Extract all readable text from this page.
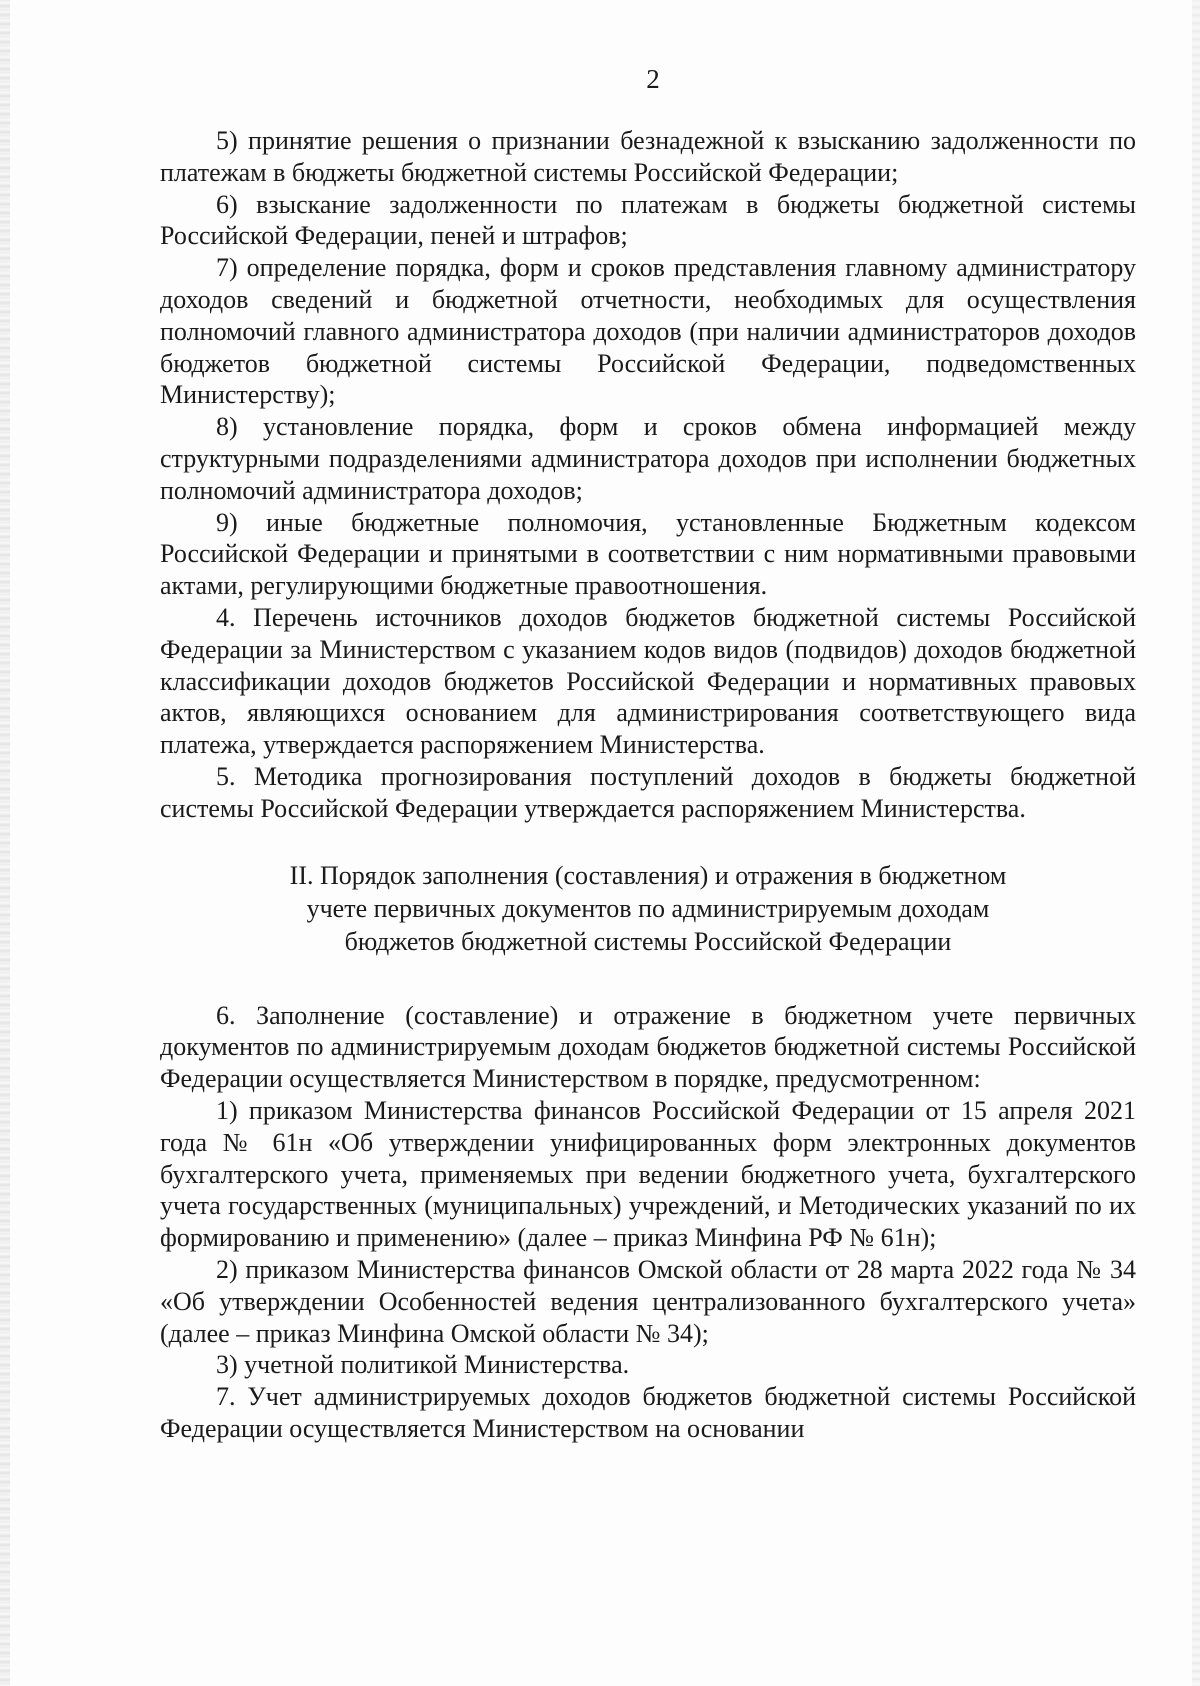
2

5) принятие решения о признании безнадежной к взысканию задолженности по платежам в бюджеты бюджетной системы Российской Федерации;

6) взыскание задолженности по платежам в бюджеты бюджетной системы Российской Федерации, пеней и штрафов;

7) определение порядка, форм и сроков представления главному администратору доходов сведений и бюджетной отчетности, необходимых для осуществления полномочий главного администратора доходов (при наличии администраторов доходов бюджетов бюджетной системы Российской Федерации, подведомственных Министерству);

8) установление порядка, форм и сроков обмена информацией между структурными подразделениями администратора доходов при исполнении бюджетных полномочий администратора доходов;

9) иные бюджетные полномочия, установленные Бюджетным кодексом Российской Федерации и принятыми в соответствии с ним нормативными правовыми актами, регулирующими бюджетные правоотношения.

4. Перечень источников доходов бюджетов бюджетной системы Российской Федерации за Министерством с указанием кодов видов (подвидов) доходов бюджетной классификации доходов бюджетов Российской Федерации и нормативных правовых актов, являющихся основанием для администрирования соответствующего вида платежа, утверждается распоряжением Министерства.

5. Методика прогнозирования поступлений доходов в бюджеты бюджетной системы Российской Федерации утверждается распоряжением Министерства.

II. Порядок заполнения (составления) и отражения в бюджетном
учете первичных документов по администрируемым доходам
бюджетов бюджетной системы Российской Федерации

6. Заполнение (составление) и отражение в бюджетном учете первичных документов по администрируемым доходам бюджетов бюджетной системы Российской Федерации осуществляется Министерством в порядке, предусмотренном:

1) приказом Министерства финансов Российской Федерации от 15 апреля 2021 года № 61н «Об утверждении унифицированных форм электронных документов бухгалтерского учета, применяемых при ведении бюджетного учета, бухгалтерского учета государственных (муниципальных) учреждений, и Методических указаний по их формированию и применению» (далее – приказ Минфина РФ № 61н);

2) приказом Министерства финансов Омской области от 28 марта 2022 года № 34 «Об утверждении Особенностей ведения централизованного бухгалтерского учета» (далее – приказ Минфина Омской области № 34);

3) учетной политикой Министерства.

7. Учет администрируемых доходов бюджетов бюджетной системы Российской Федерации осуществляется Министерством на основании
